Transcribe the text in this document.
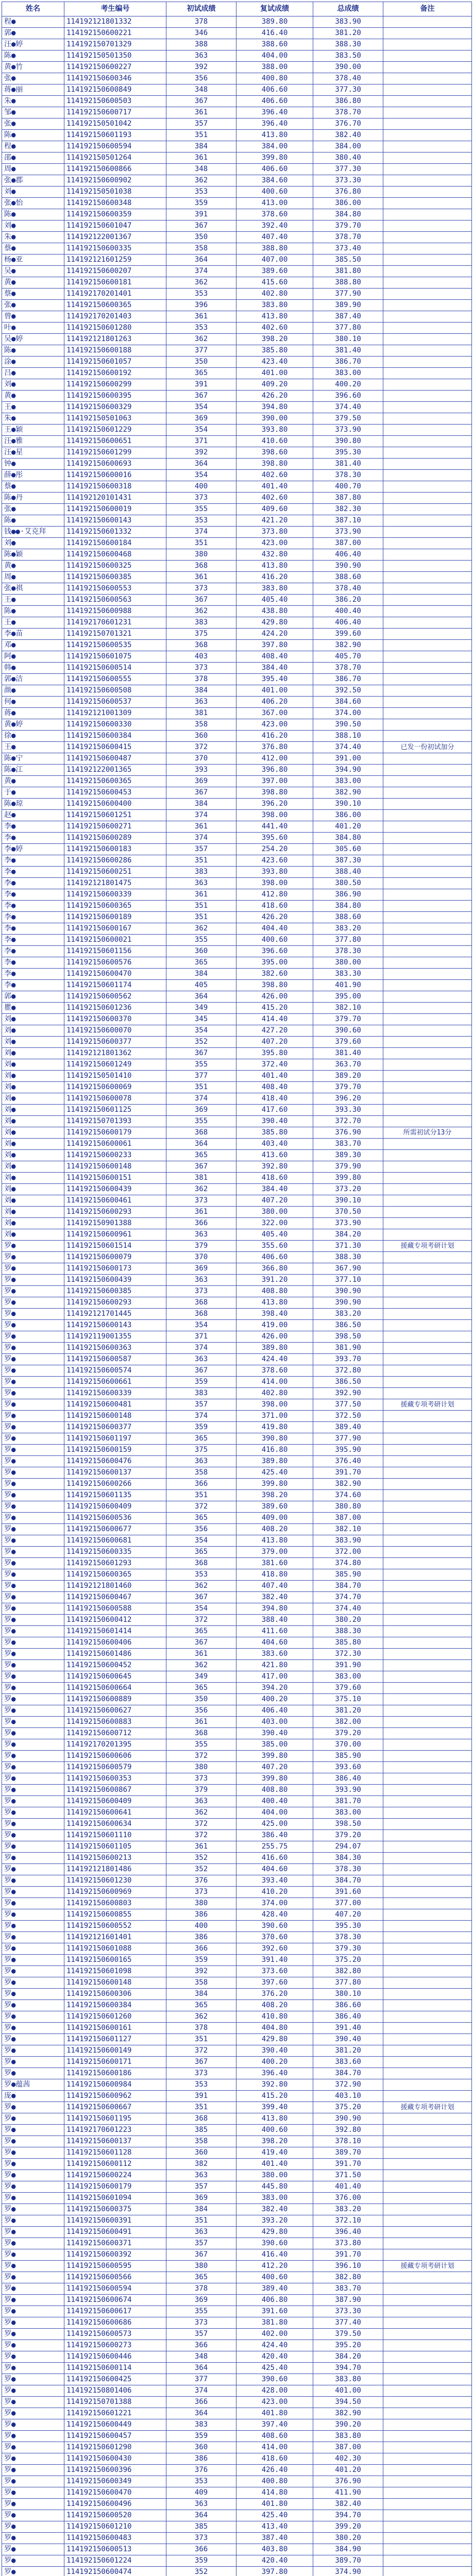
姓名	考生编号	初试成绩	复试成绩	总成绩	备注
程●	114192121801332	378	389.80	383.90	
郭●	114192150600221	346	416.40	381.20	
汪●婷	114192150701329	388	388.60	388.30	
陈●	114192150501350	363	404.00	383.50	
黄●竹	114192150600227	392	388.00	390.00	
张●	114192150600346	356	400.80	378.40	
蒋●丽	114192150600849	348	406.60	377.30	
朱●	114192150600503	367	406.60	386.80	
邹●	114192150600717	361	396.40	378.70	
张●	114192150501042	357	396.40	376.70	
陈●	114192150601193	351	413.80	382.40	
程●	114192150600594	384	384.00	384.00	
邵●	114192150501264	361	399.80	380.40	
周●	114192150600866	348	406.60	377.30	
张●郡	114192150600902	362	384.60	373.30	
刘●	114192150501038	353	400.60	376.80	
张●怡	114192150600348	359	413.00	386.00	
陈●	114192150600359	391	378.60	384.80	
刘●	114192150601047	367	392.40	379.70	
朱●	114192122001367	350	407.40	378.70	
蔡●	114192150600335	358	388.80	373.40	
杨●亚	114192121601259	364	407.00	385.50	
吴●	114192150600207	374	389.60	381.80	
黄●	114192150600181	362	415.60	388.80	
蔡●	114192170201401	353	402.80	377.90	
张●	114192150600365	396	383.80	389.90	
曾●	114192170201403	361	413.80	387.40	
叶●	114192150601280	353	402.60	377.80	
吴●婷	114192121801263	362	398.20	380.10	
陈●	114192150600188	377	385.80	381.40	
涂●	114192150601057	350	423.40	386.70	
吕●	114192150600192	365	401.00	383.00	
刘●	114192150600299	391	409.20	400.20	
黄●	114192150600395	367	426.20	396.60	
王●	114192150600329	354	394.80	374.40	
朱●	114192150501063	369	390.00	379.50	
王●颖	114192150601229	354	393.80	373.90	
汪●雅	114192150600651	371	410.60	390.80	
汪●星	114192150601299	392	398.60	395.30	
钟●	114192150600693	364	398.80	381.40	
薛●彤	114192150600016	354	402.60	378.30	
蔡●	114192150600318	400	401.40	400.70	
陈●丹	114192120101431	373	402.60	387.80	
张●	114192150600019	355	409.60	382.30	
陈●	114192150600143	353	421.20	387.10	
钱●●·艾克拜	114192150601332	374	373.80	373.90	
刘●	114192150600184	351	423.00	387.00	
陈●颖	114192150600468	380	432.80	406.40	
黄●	114192150600325	368	413.80	390.90	
周●	114192150600385	361	416.20	388.60	
张●祺	114192150600553	373	383.80	378.40	
王●	114192150600563	367	405.40	386.20	
陈●	114192150600988	362	438.80	400.40	
王●	114192170601231	383	429.80	406.40	
李●苗	114192150701321	375	424.20	399.60	
邓●	114192150600535	368	397.80	382.90	
阿●	114192150601075	403	408.40	405.70	
韩●	114192150600514	373	384.40	378.70	
郭●洁	114192150600555	378	395.40	386.70	
颜●	114192150600508	384	401.00	392.50	
何●	114192150600537	363	406.20	384.60	
蒋●	114192121001309	381	367.00	374.00	
黄●婷	114192150600330	358	423.00	390.50	
徐●	114192150600384	360	416.20	388.10	
王●	114192150600415	372	376.80	374.40	已发一份初试加分
陈●宁	114192150600487	370	412.00	391.00	
陈●江	114192122001365	393	396.80	394.90	
黄●	114192150600365	369	397.00	383.00	
于●	114192150600453	367	398.80	382.90	
陈●琼	114192150600400	384	396.20	390.10	
赵●	114192150601251	374	398.00	386.00	
李●	114192150600271	361	441.40	401.20	
李●	114192150600289	374	395.60	384.80	
李●婷	114192150600183	357	254.20	305.60	
李●	114192150600286	351	423.60	387.30	
李●	114192150600251	383	393.80	388.40	
李●	114192121801475	363	398.00	380.50	
李●	114192150600339	361	412.80	386.90	
李●	114192150600365	351	418.60	384.80	
李●	114192150600189	351	426.20	388.60	
李●	114192150600167	362	404.40	383.20	
李●	114192150600021	355	400.60	377.80	
李●	114192150601156	360	396.60	378.30	
李●	114192150600576	365	395.00	380.00	
李●	114192150600470	384	382.60	383.30	
李●	114192150601174	405	398.80	401.90	
郭●	114192150600562	364	426.00	395.00	
瞿●	114192150601236	349	415.20	382.10	
刘●	114192150600370	345	414.40	379.70	
刘●	114192150600070	354	427.20	390.60	
刘●	114192150600377	352	407.20	379.60	
刘●	114192121801362	367	395.80	381.40	
刘●	114192150601249	355	372.40	363.70	
刘●	114192150501410	377	401.40	389.20	
刘●	114192150600069	351	408.40	379.70	
刘●	114192150600078	374	418.40	396.20	
刘●	114192150601125	369	417.60	393.30	
刘●	114192150701393	355	390.40	372.70	
刘●	114192150600179	368	385.80	376.90	所需初试分13分
刘●	114192150600061	364	403.40	383.70	
刘●	114192150600233	365	413.60	389.30	
刘●	114192150600148	367	392.80	379.90	
刘●	114192150600151	381	418.60	399.80	
刘●	114192150600439	362	384.40	373.20	
刘●	114192150600461	373	407.20	390.10	
刘●	114192150600293	361	380.00	370.50	
刘●	114192150901388	366	322.00	373.90	
刘●	114192150600961	363	405.40	384.20	
罗●	114192150601514	379	355.60	371.30	援藏专项考研计划
罗●	114192150600079	370	406.60	388.30	
罗●	114192150600173	369	366.80	367.90	
罗●	114192150600439	363	391.20	377.10	
罗●	114192150600385	373	408.80	390.90	
罗●	114192150600293	368	413.80	390.90	
罗●	114192121701445	368	398.40	383.20	
罗●	114192150600143	354	419.00	386.50	
罗●	114192119001355	371	426.00	398.50	
罗●	114192150600363	374	389.80	381.90	
罗●	114192150600587	363	424.40	393.70	
罗●	114192150600574	367	378.60	372.80	
罗●	114192150600661	359	414.00	386.50	
罗●	114192150600339	383	402.80	392.90	
罗●	114192150600481	357	398.00	377.50	援藏专项考研计划
罗●	114192150600148	374	371.00	372.50	
罗●	114192150600377	359	419.80	389.40	
罗●	114192150601197	365	390.80	377.90	
罗●	114192150600159	375	416.80	395.90	
罗●	114192150600476	363	389.80	376.40	
罗●	114192150600137	358	425.40	391.70	
罗●	114192150600266	366	399.80	382.90	
罗●	114192150601135	351	398.20	374.60	
罗●	114192150600409	372	389.60	380.80	
罗●	114192150600536	365	409.00	387.00	
罗●	114192150600677	356	408.20	382.10	
罗●	114192150600681	354	413.80	383.90	
罗●	114192150600335	365	379.00	372.00	
罗●	114192150601293	368	381.60	374.80	
罗●	114192150600365	353	418.80	385.90	
罗●	114192121801460	362	407.40	384.70	
罗●	114192150600467	367	382.40	374.70	
罗●	114192150600588	354	394.80	374.40	
罗●	114192150600412	372	388.40	380.20	
罗●	114192150601414	365	411.60	388.30	
罗●	114192150600406	367	404.60	385.80	
罗●	114192150601486	361	383.60	372.30	
罗●	114192150600452	362	421.80	391.90	
罗●	114192150600645	349	417.00	383.00	
罗●	114192150600664	365	394.20	379.60	
罗●	114192150600889	350	400.20	375.10	
罗●	114192150600627	356	406.40	381.20	
罗●	114192150600883	361	403.00	382.00	
罗●	114192150600712	368	390.40	379.20	
罗●	114192170201395	355	385.00	370.00	
罗●	114192150600606	372	399.80	385.90	
罗●	114192150600579	380	407.20	393.60	
罗●	114192150600353	373	399.80	386.40	
罗●	114192150600867	379	408.80	393.90	
罗●	114192150600409	363	400.40	381.70	
罗●	114192150600641	362	404.00	383.00	
罗●	114192150600634	372	425.00	398.50	
罗●	114192150601110	372	386.40	379.20	
罗●	114192150601105	361	255.75	294.07	
罗●	114192150600213	352	416.60	384.30	
罗●	114192121801486	352	404.60	378.30	
罗●	114192150601230	376	393.40	384.70	
罗●	114192150600969	373	410.20	391.60	
罗●	114192150600803	380	374.00	377.00	
罗●	114192150600855	386	428.40	407.20	
罗●	114192150600552	400	390.60	395.30	
罗●	114192121601401	386	370.60	378.30	
罗●	114192150601088	366	392.60	379.30	
罗●	114192150600165	359	391.40	375.20	
罗●	114192150601098	392	373.60	382.80	
罗●	114192150600148	358	397.60	377.80	
罗●	114192150600306	384	376.20	380.10	
罗●	114192150600384	365	408.20	386.60	
罗●	114192150601260	362	410.80	386.40	
罗●	114192150600161	378	404.80	391.40	
罗●	114192150601127	351	429.80	390.40	
罗●	114192150600149	372	390.40	381.20	
罗●	114192150600171	367	400.20	383.60	
罗●	114192150600186	373	396.40	384.70	
罗●蕴茜	114192150600984	353	392.80	372.90	
庞●	114192150600962	391	415.20	403.10	
罗●	114192150600667	351	399.40	375.20	援藏专项考研计划
罗●	114192150601195	368	413.80	390.90	
罗●	114192170601223	385	400.60	392.80	
罗●	114192150600137	358	398.20	378.10	
罗●	114192150601128	360	419.40	389.70	
罗●	114192150600112	382	401.40	391.70	
罗●	114192150600224	363	380.00	371.50	
罗●	114192150600179	357	445.80	401.40	
罗●	114192150601094	369	383.00	376.00	
罗●	114192150600375	384	382.40	383.20	
罗●	114192150600391	351	393.20	372.10	
罗●	114192150600491	363	429.80	396.40	
罗●	114192150600371	357	390.60	373.80	
罗●	114192150600392	367	416.40	391.70	
罗●	114192150600595	380	412.20	396.10	援藏专项考研计划
罗●	114192150600566	365	400.60	382.80	
罗●	114192150600594	378	389.40	383.70	
罗●	114192150600674	369	406.80	387.90	
罗●	114192150600617	355	391.60	373.30	
罗●	114192150600686	373	381.80	377.40	
罗●	114192150600573	357	402.00	379.50	
罗●	114192150600273	366	424.40	395.20	
罗●	114192150600446	348	420.40	384.20	
罗●	114192150600114	364	425.40	394.70	
罗●	114192150600425	377	390.60	383.80	
罗●	114192150801406	374	428.00	401.00	
罗●	114192150701388	366	423.00	394.50	
罗●	114192150601221	364	401.80	382.90	
罗●	114192150600449	383	397.40	390.20	
罗●	114192150600457	359	408.60	383.80	
罗●	114192150601290	360	414.00	387.00	
罗●	114192150600430	386	418.60	402.30	
罗●	114192150600396	376	426.40	401.20	
罗●	114192150600349	353	400.80	376.90	
罗●	114192150600470	409	414.80	411.90	
罗●	114192150600496	363	401.80	382.40	
罗●	114192150600520	364	425.40	394.70	
罗●	114192150601210	385	413.40	399.20	
罗●	114192150600483	373	387.40	380.20	
罗●	114192150600513	366	403.80	384.90	
罗●	114192150601224	359	420.40	389.70	
罗●	114192150600474	352	397.80	374.90	
